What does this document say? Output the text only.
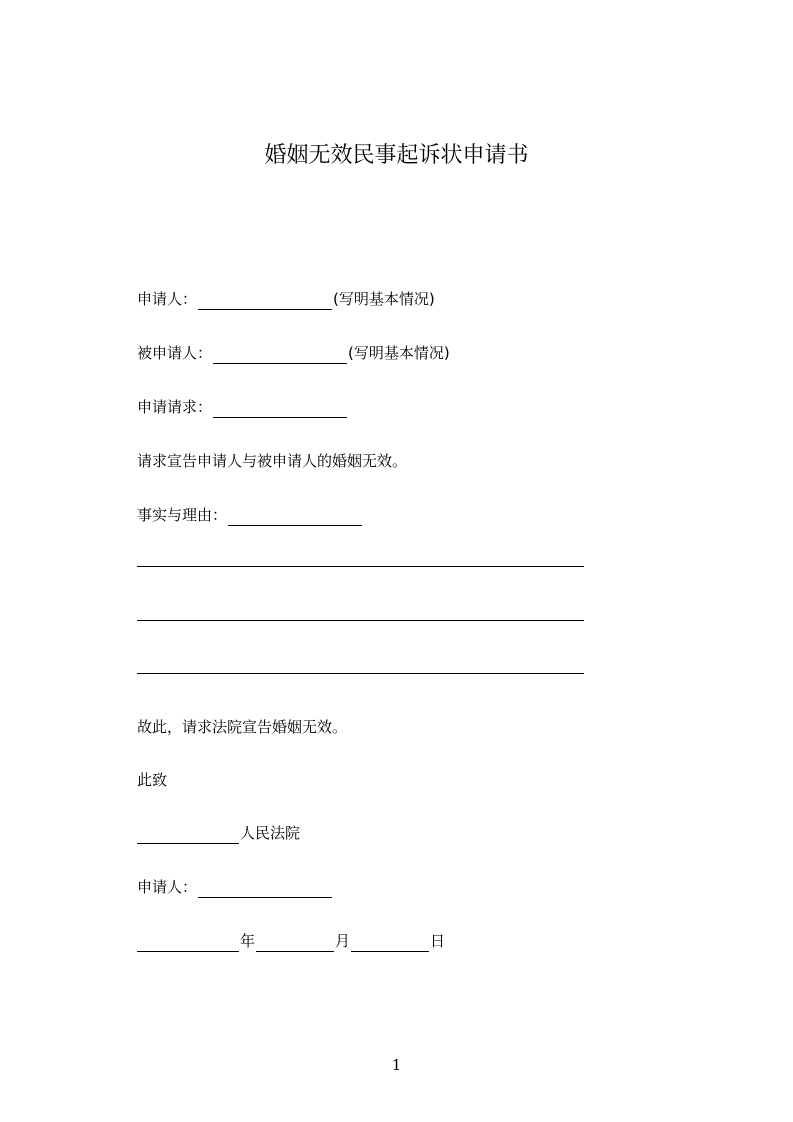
婚姻无效民事起诉状申请书
申请人：	(写明基本情况)
被申请人：	(写明基本情况)
申请请求：
请求宣告申请人与被申请人的婚姻无效。
事实与理由：
故此，请求法院宣告婚姻无效。
此致
人民法院
申请人：
年	月	日
1
